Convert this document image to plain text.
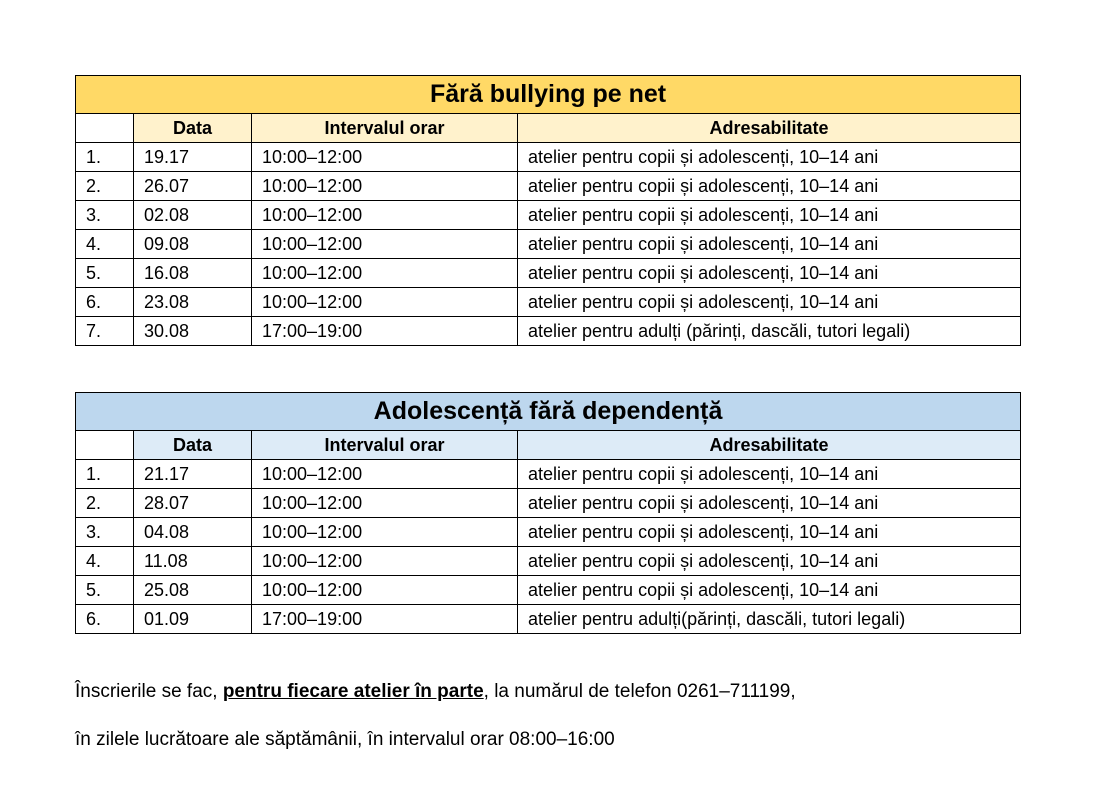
Fără bullying pe net			
	Data	Intervalul orar	Adresabilitate
1.	19.17	10:00–12:00	atelier pentru copii și adolescenți, 10–14 ani
2.	26.07	10:00–12:00	atelier pentru copii și adolescenți, 10–14 ani
3.	02.08	10:00–12:00	atelier pentru copii și adolescenți, 10–14 ani
4.	09.08	10:00–12:00	atelier pentru copii și adolescenți, 10–14 ani
5.	16.08	10:00–12:00	atelier pentru copii și adolescenți, 10–14 ani
6.	23.08	10:00–12:00	atelier pentru copii și adolescenți, 10–14 ani
7.	30.08	17:00–19:00	atelier pentru adulți (părinți, dascăli, tutori legali)
Adolescență fără dependență			
	Data	Intervalul orar	Adresabilitate
1.	21.17	10:00–12:00	atelier pentru copii și adolescenți, 10–14 ani
2.	28.07	10:00–12:00	atelier pentru copii și adolescenți, 10–14 ani
3.	04.08	10:00–12:00	atelier pentru copii și adolescenți, 10–14 ani
4.	11.08	10:00–12:00	atelier pentru copii și adolescenți, 10–14 ani
5.	25.08	10:00–12:00	atelier pentru copii și adolescenți, 10–14 ani
6.	01.09	17:00–19:00	atelier pentru adulți(părinți, dascăli, tutori legali)
Înscrierile se fac, pentru fiecare atelier în parte, la numărul de telefon 0261–711199,
în zilele lucrătoare ale săptămânii, în intervalul orar 08:00–16:00
